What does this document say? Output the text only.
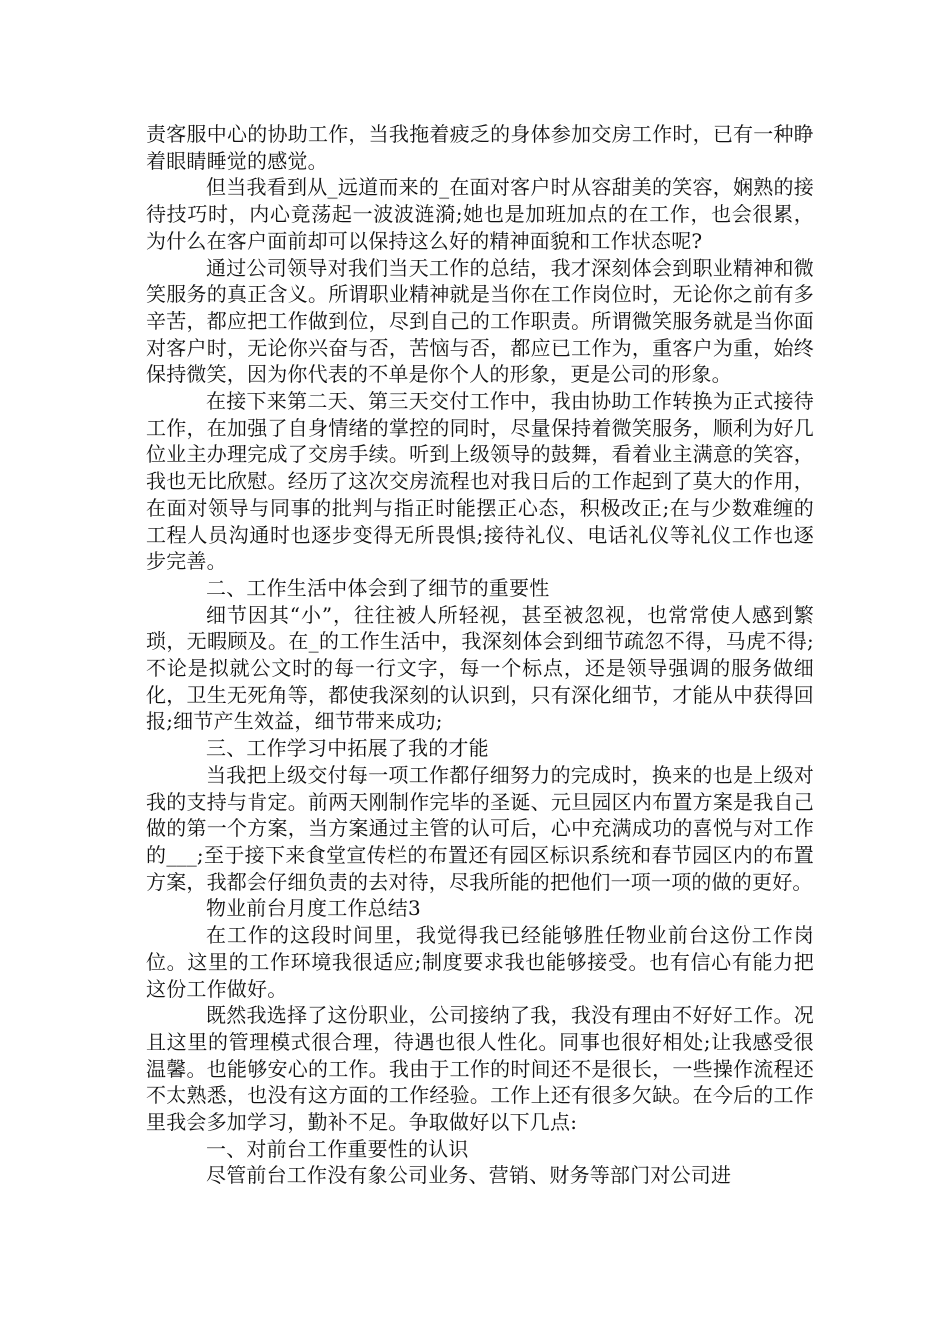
责客服中心的协助工作，当我拖着疲乏的身体参加交房工作时，已有一种睁着眼睛睡觉的感觉。

但当我看到从_远道而来的_在面对客户时从容甜美的笑容，娴熟的接待技巧时，内心竟荡起一波波涟漪;她也是加班加点的在工作，也会很累，为什么在客户面前却可以保持这么好的精神面貌和工作状态呢?

通过公司领导对我们当天工作的总结，我才深刻体会到职业精神和微笑服务的真正含义。所谓职业精神就是当你在工作岗位时，无论你之前有多辛苦，都应把工作做到位，尽到自己的工作职责。所谓微笑服务就是当你面对客户时，无论你兴奋与否，苦恼与否，都应已工作为，重客户为重，始终保持微笑，因为你代表的不单是你个人的形象，更是公司的形象。

在接下来第二天、第三天交付工作中，我由协助工作转换为正式接待工作，在加强了自身情绪的掌控的同时，尽量保持着微笑服务，顺利为好几位业主办理完成了交房手续。听到上级领导的鼓舞，看着业主满意的笑容，我也无比欣慰。经历了这次交房流程也对我日后的工作起到了莫大的作用，在面对领导与同事的批判与指正时能摆正心态，积极改正;在与少数难缠的工程人员沟通时也逐步变得无所畏惧;接待礼仪、电话礼仪等礼仪工作也逐步完善。

二、工作生活中体会到了细节的重要性

细节因其“小”，往往被人所轻视，甚至被忽视，也常常使人感到繁琐，无暇顾及。在_的工作生活中，我深刻体会到细节疏忽不得，马虎不得;不论是拟就公文时的每一行文字，每一个标点，还是领导强调的服务做细化，卫生无死角等，都使我深刻的认识到，只有深化细节，才能从中获得回报;细节产生效益，细节带来成功;

三、工作学习中拓展了我的才能

当我把上级交付每一项工作都仔细努力的完成时，换来的也是上级对我的支持与肯定。前两天刚制作完毕的圣诞、元旦园区内布置方案是我自己做的第一个方案，当方案通过主管的认可后，心中充满成功的喜悦与对工作的___;至于接下来食堂宣传栏的布置还有园区标识系统和春节园区内的布置方案，我都会仔细负责的去对待，尽我所能的把他们一项一项的做的更好。

物业前台月度工作总结3

在工作的这段时间里，我觉得我已经能够胜任物业前台这份工作岗位。这里的工作环境我很适应;制度要求我也能够接受。也有信心有能力把这份工作做好。

既然我选择了这份职业，公司接纳了我，我没有理由不好好工作。况且这里的管理模式很合理，待遇也很人性化。同事也很好相处;让我感受很温馨。也能够安心的工作。我由于工作的时间还不是很长，一些操作流程还不太熟悉，也没有这方面的工作经验。工作上还有很多欠缺。在今后的工作里我会多加学习，勤补不足。争取做好以下几点:

一、对前台工作重要性的认识

尽管前台工作没有象公司业务、营销、财务等部门对公司进
